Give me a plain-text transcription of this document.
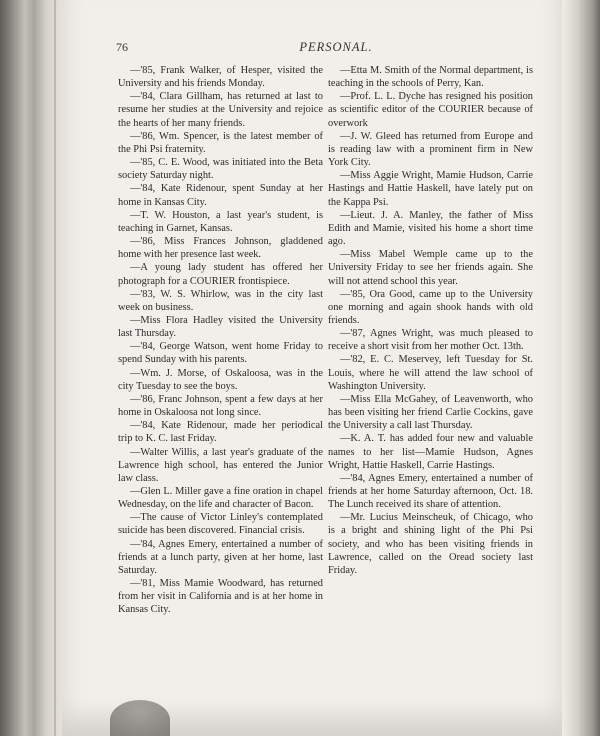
76	PERSONAL.

—'85, Frank Walker, of Hesper, visited the University and his friends Monday.

—'84, Clara Gillham, has returned at last to resume her studies at the University and rejoice the hearts of her many friends.

—'86, Wm. Spencer, is the latest member of the Phi Psi fraternity.

—'85, C. E. Wood, was initiated into the Beta society Saturday night.

—'84, Kate Ridenour, spent Sunday at her home in Kansas City.

—T. W. Houston, a last year's student, is teaching in Garnet, Kansas.

—'86, Miss Frances Johnson, gladdened home with her presence last week.

—A young lady student has offered her photograph for a COURIER frontispiece.

—'83, W. S. Whirlow, was in the city last week on business.

—Miss Flora Hadley visited the University last Thursday.

—'84, George Watson, went home Friday to spend Sunday with his parents.

—Wm. J. Morse, of Oskaloosa, was in the city Tuesday to see the boys.

—'86, Franc Johnson, spent a few days at her home in Oskaloosa not long since.

—'84, Kate Ridenour, made her periodical trip to K. C. last Friday.

—Walter Willis, a last year's graduate of the Lawrence high school, has entered the Junior law class.

—Glen L. Miller gave a fine oration in chapel Wednesday, on the life and character of Bacon.

—The cause of Victor Linley's contemplated suicide has been discovered. Financial crisis.

—'84, Agnes Emery, entertained a number of friends at a lunch party, given at her home, last Saturday.

—'81, Miss Mamie Woodward, has returned from her visit in California and is at her home in Kansas City.

—Etta M. Smith of the Normal department, is teaching in the schools of Perry, Kan.

—Prof. L. L. Dyche has resigned his position as scientific editor of the COURIER because of overwork

—J. W. Gleed has returned from Europe and is reading law with a prominent firm in New York City.

—Miss Aggie Wright, Mamie Hudson, Carrie Hastings and Hattie Haskell, have lately put on the Kappa Psi.

—Lieut. J. A. Manley, the father of Miss Edith and Mamie, visited his home a short time ago.

—Miss Mabel Wemple came up to the University Friday to see her friends again. She will not attend school this year.

—'85, Ora Good, came up to the University one morning and again shook hands with old friends.

—'87, Agnes Wright, was much pleased to receive a short visit from her mother Oct. 13th.

—'82, E. C. Meservey, left Tuesday for St. Louis, where he will attend the law school of Washington University.

—Miss Ella McGahey, of Leavenworth, who has been visiting her friend Carlie Cockins, gave the University a call last Thursday.

—K. A. T. has added four new and valuable names to her list—Mamie Hudson, Agnes Wright, Hattie Haskell, Carrie Hastings.

—'84, Agnes Emery, entertained a number of friends at her home Saturday afternoon, Oct. 18. The Lunch received its share of attention.

—Mr. Lucius Meinscheuk, of Chicago, who is a bright and shining light of the Phi Psi society, and who has been visiting friends in Lawrence, called on the Oread society last Friday.
